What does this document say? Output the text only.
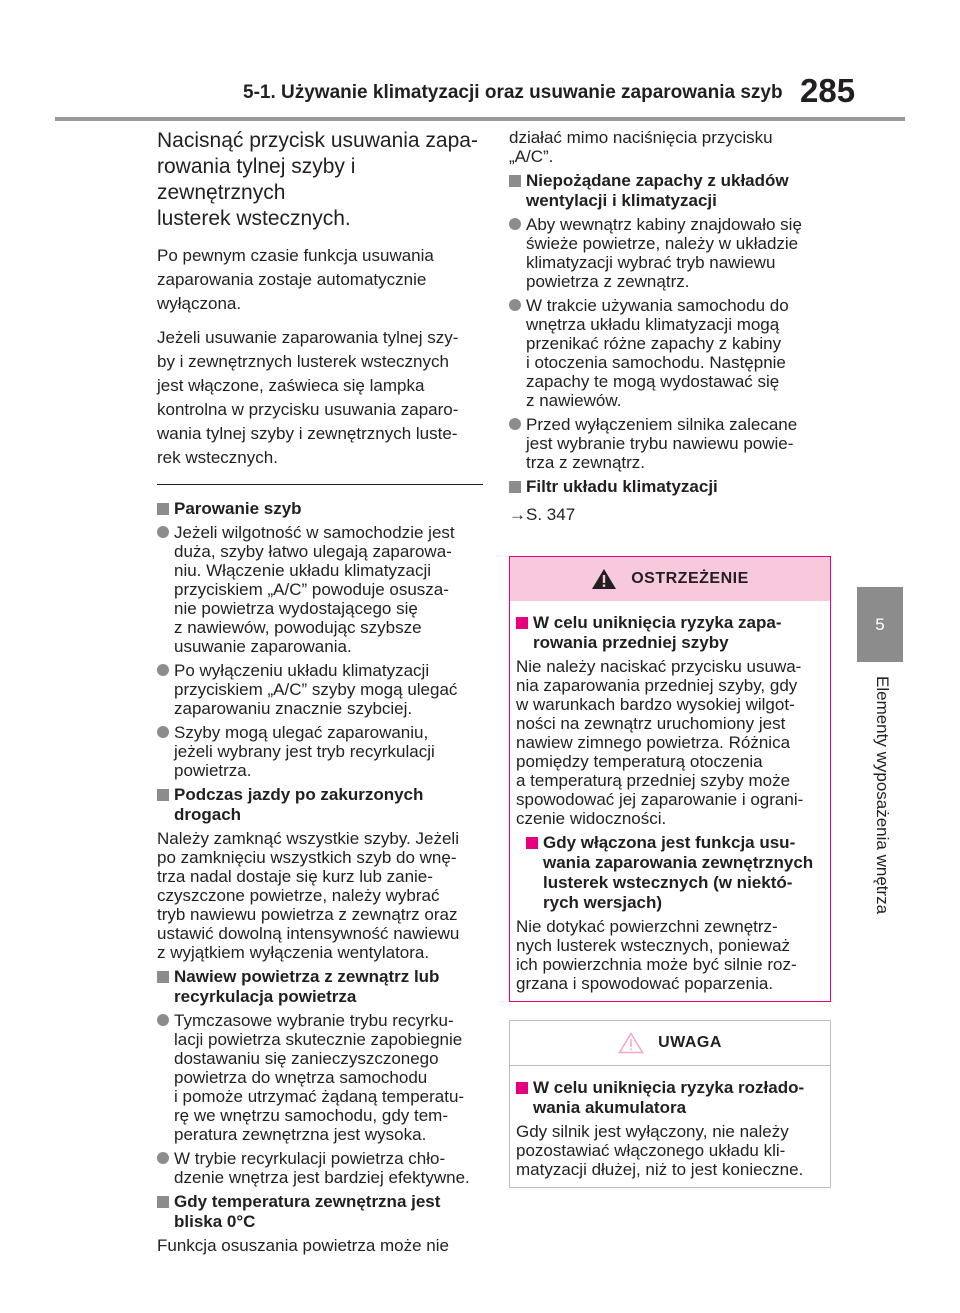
5-1. Używanie klimatyzacji oraz usuwanie zaparowania szyb 285
5
Elementy wyposażenia wnętrza
Nacisnąć przycisk usuwania zapa-
rowania tylnej szyby i zewnętrznych
lusterek wstecznych.
Po pewnym czasie funkcja usuwania
zaparowania zostaje automatycznie
wyłączona.
Jeżeli usuwanie zaparowania tylnej szy-
by i zewnętrznych lusterek wstecznych
jest włączone, zaświeca się lampka
kontrolna w przycisku usuwania zaparo-
wania tylnej szyby i zewnętrznych luste-
rek wstecznych.
Parowanie szyb
Jeżeli wilgotność w samochodzie jest
duża, szyby łatwo ulegają zaparowa-
niu. Włączenie układu klimatyzacji
przyciskiem „A/C” powoduje osusza-
nie powietrza wydostającego się
z nawiewów, powodując szybsze
usuwanie zaparowania.
Po wyłączeniu układu klimatyzacji
przyciskiem „A/C” szyby mogą ulegać
zaparowaniu znacznie szybciej.
Szyby mogą ulegać zaparowaniu,
jeżeli wybrany jest tryb recyrkulacji
powietrza.
Podczas jazdy po zakurzonych
drogach
Należy zamknąć wszystkie szyby. Jeżeli
po zamknięciu wszystkich szyb do wnę-
trza nadal dostaje się kurz lub zanie-
czyszczone powietrze, należy wybrać
tryb nawiewu powietrza z zewnątrz oraz
ustawić dowolną intensywność nawiewu
z wyjątkiem wyłączenia wentylatora.
Nawiew powietrza z zewnątrz lub
recyrkulacja powietrza
Tymczasowe wybranie trybu recyrku-
lacji powietrza skutecznie zapobiegnie
dostawaniu się zanieczyszczonego
powietrza do wnętrza samochodu
i pomoże utrzymać żądaną temperatu-
rę we wnętrzu samochodu, gdy tem-
peratura zewnętrzna jest wysoka.
W trybie recyrkulacji powietrza chło-
dzenie wnętrza jest bardziej efektywne.
Gdy temperatura zewnętrzna jest
bliska 0°C
Funkcja osuszania powietrza może nie
działać mimo naciśnięcia przycisku
„A/C”.
Niepożądane zapachy z układów
wentylacji i klimatyzacji
Aby wewnątrz kabiny znajdowało się
świeże powietrze, należy w układzie
klimatyzacji wybrać tryb nawiewu
powietrza z zewnątrz.
W trakcie używania samochodu do
wnętrza układu klimatyzacji mogą
przenikać różne zapachy z kabiny
i otoczenia samochodu. Następnie
zapachy te mogą wydostawać się
z nawiewów.
Przed wyłączeniem silnika zalecane
jest wybranie trybu nawiewu powie-
trza z zewnątrz.
Filtr układu klimatyzacji
→S. 347
OSTRZEŻENIE
W celu uniknięcia ryzyka zapa-
rowania przedniej szyby
Nie należy naciskać przycisku usuwa-
nia zaparowania przedniej szyby, gdy
w warunkach bardzo wysokiej wilgot-
ności na zewnątrz uruchomiony jest
nawiew zimnego powietrza. Różnica
pomiędzy temperaturą otoczenia
a temperaturą przedniej szyby może
spowodować jej zaparowanie i ograni-
czenie widoczności.
Gdy włączona jest funkcja usu-
wania zaparowania zewnętrznych
lusterek wstecznych (w niektó-
rych wersjach)
Nie dotykać powierzchni zewnętrz-
nych lusterek wstecznych, ponieważ
ich powierzchnia może być silnie roz-
grzana i spowodować poparzenia.
UWAGA
W celu uniknięcia ryzyka rozłado-
wania akumulatora
Gdy silnik jest wyłączony, nie należy
pozostawiać włączonego układu kli-
matyzacji dłużej, niż to jest konieczne.
